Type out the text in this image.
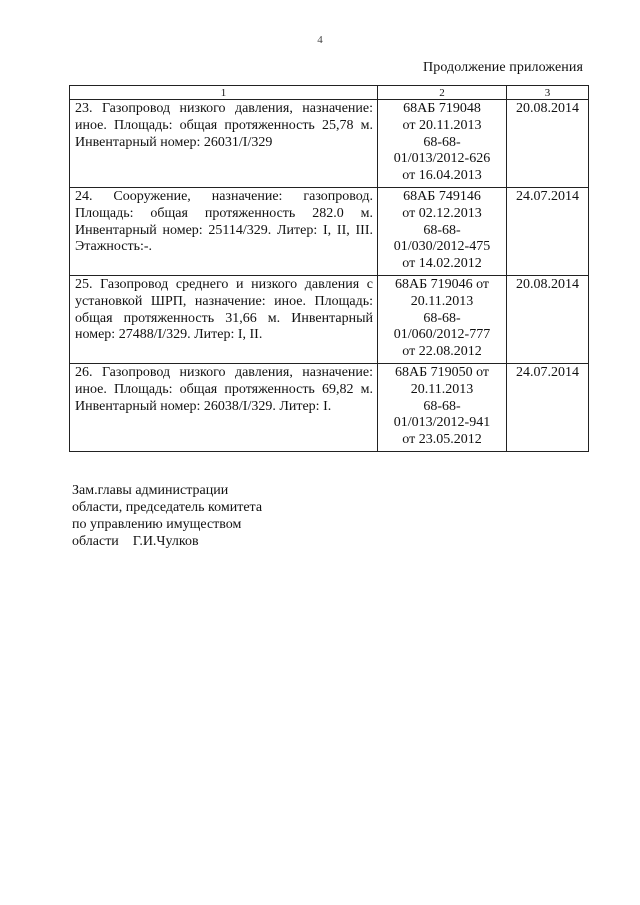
4
Продолжение приложения
1	2	3
23. Газопровод низкого давления, назначение: иное. Площадь: общая протяженность 25,78 м. Инвентарный номер: 26031/I/329	68АБ 719048
от 20.11.2013
68-68-
01/013/2012-626
от 16.04.2013	20.08.2014
24. Сооружение, назначение: газопровод. Площадь: общая протяженность 282.0 м. Инвентарный номер: 25114/329. Литер: I, II, III. Этажность:-.	68АБ 749146
от 02.12.2013
68-68-
01/030/2012-475
от 14.02.2012	24.07.2014
25. Газопровод среднего и низкого давления с установкой ШРП, назначение: иное. Площадь: общая протяженность 31,66 м. Инвентарный номер: 27488/I/329. Литер: I, II.	68АБ 719046 от
20.11.2013
68-68-
01/060/2012-777
от 22.08.2012	20.08.2014
26. Газопровод низкого давления, назначение: иное. Площадь: общая протяженность 69,82 м. Инвентарный номер: 26038/I/329. Литер: I.	68АБ 719050 от
20.11.2013
68-68-
01/013/2012-941
от 23.05.2012	24.07.2014
Зам.главы администрации
области, председатель комитета
по управлению имуществом
области    Г.И.Чулков
